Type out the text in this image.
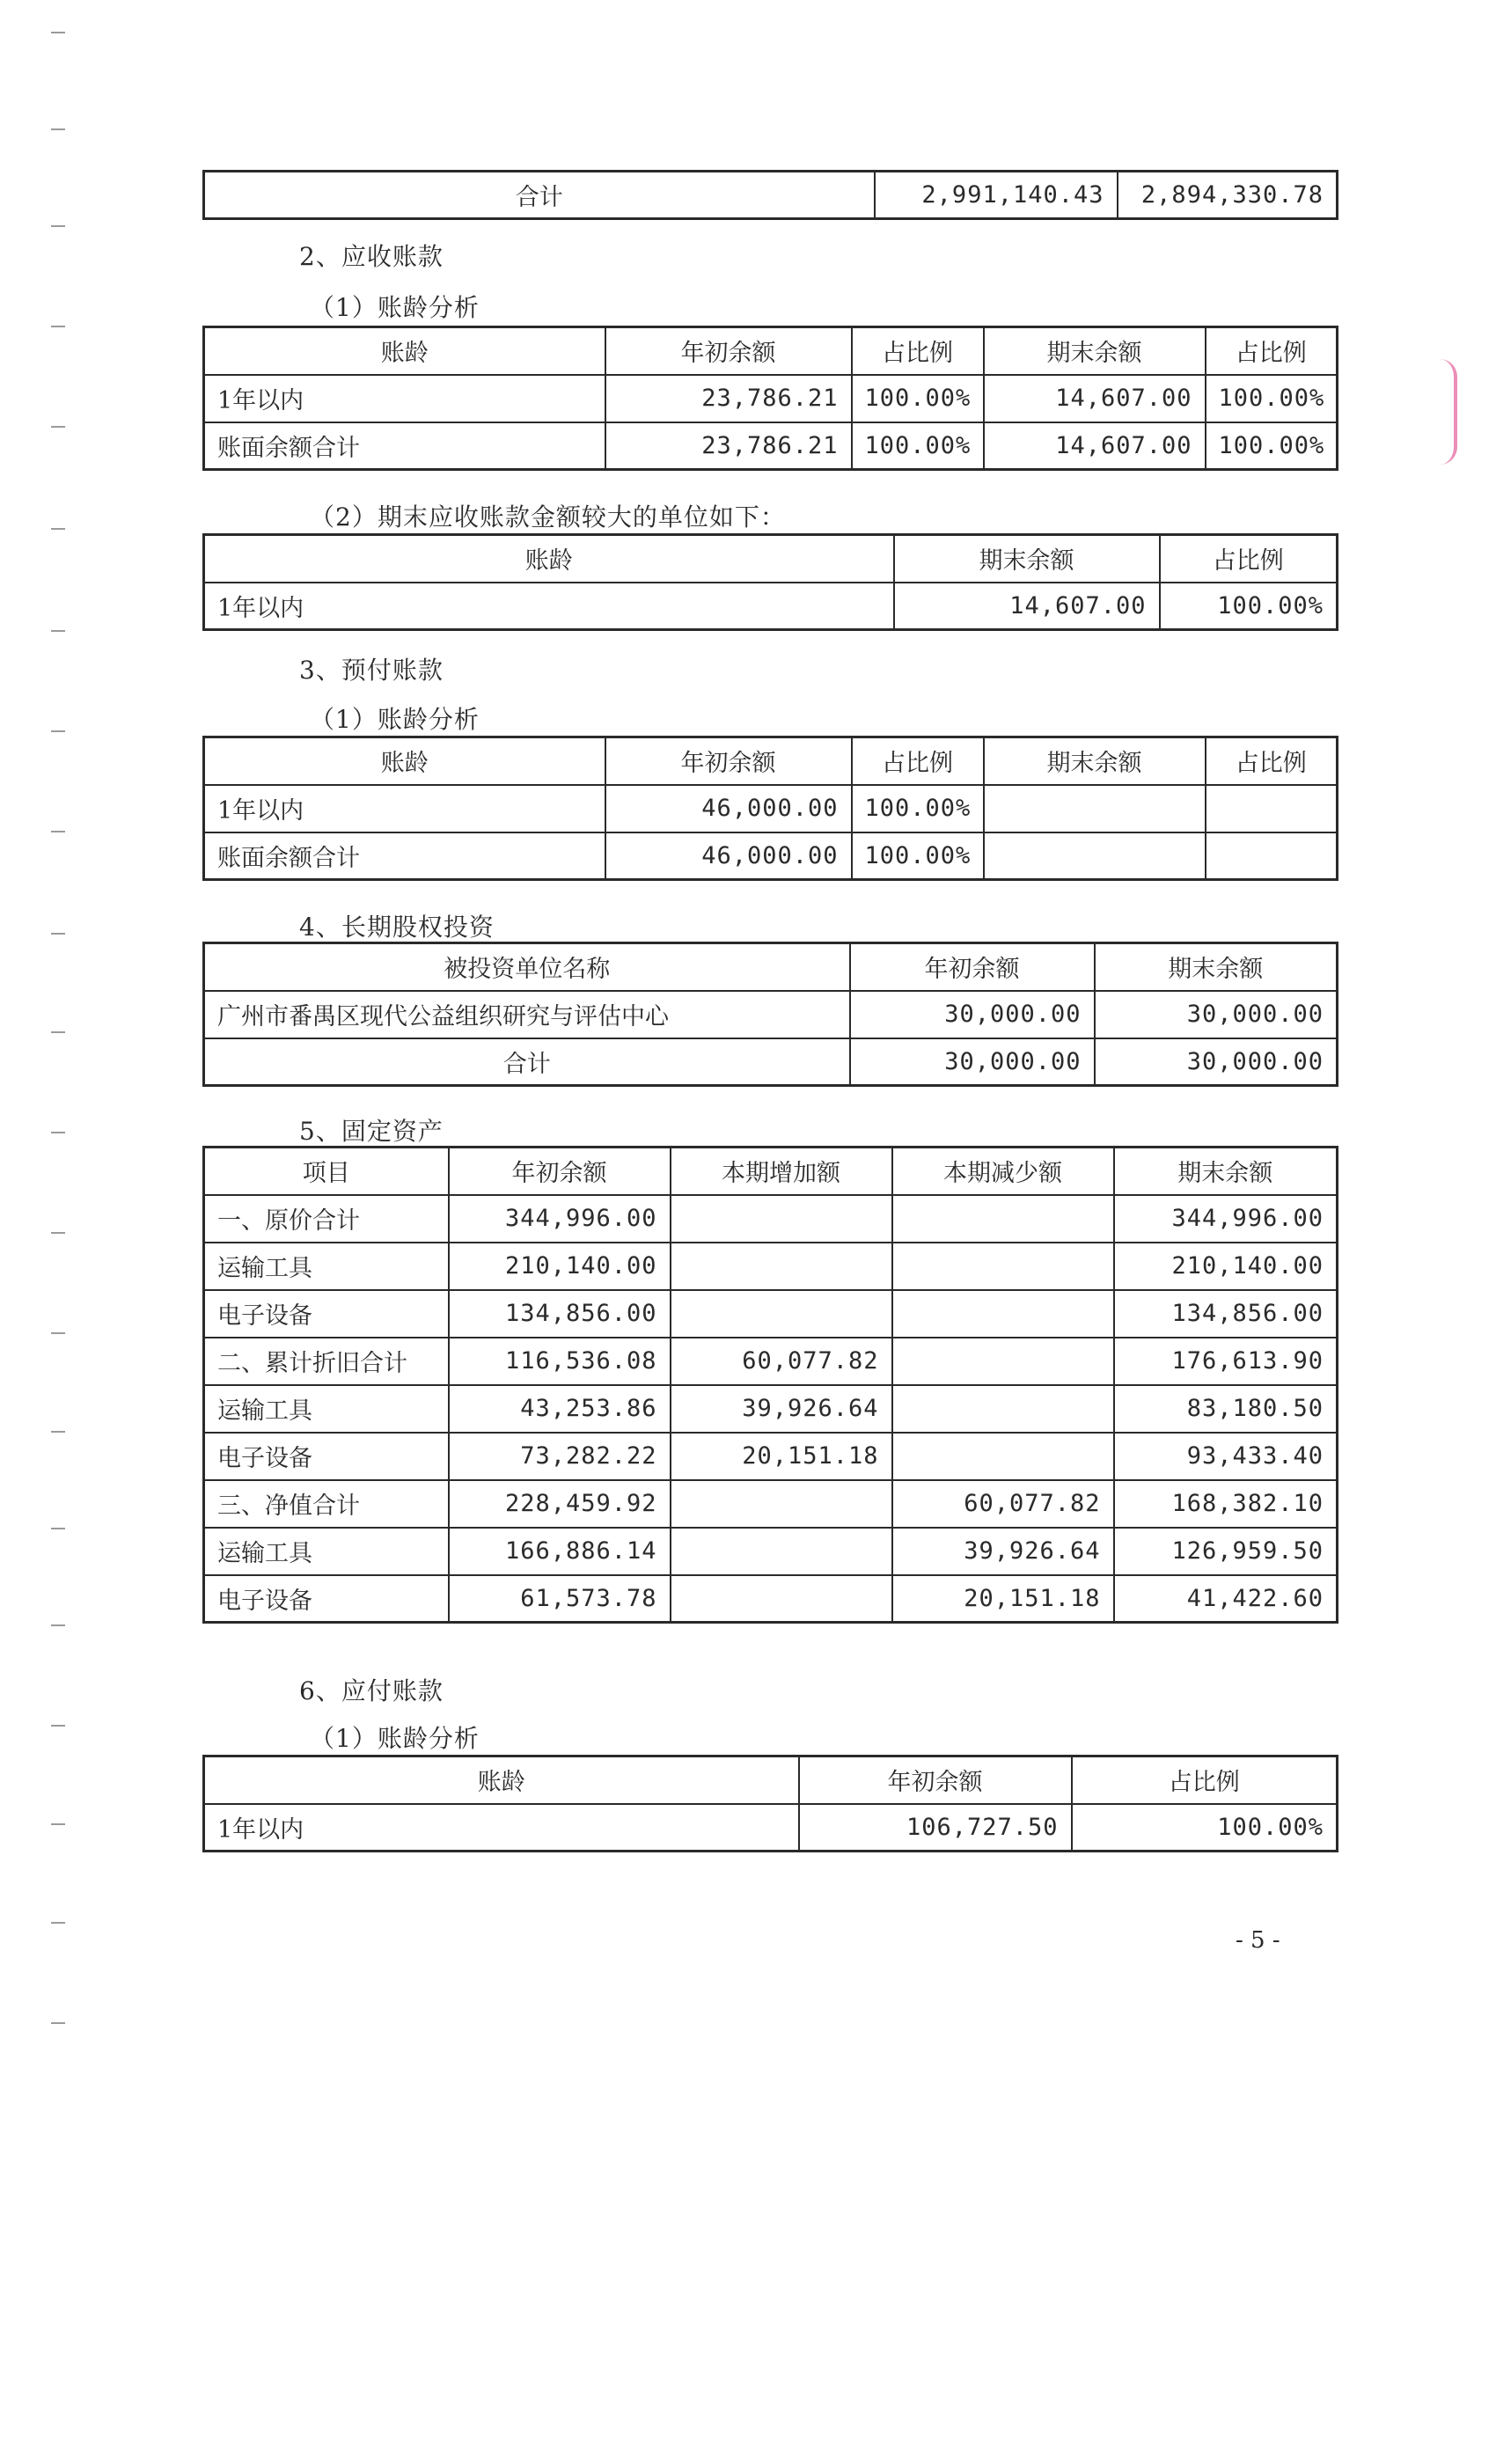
合计	2,991,140.43	2,894,330.78
2、应收账款
（1）账龄分析
账龄	年初余额	占比例	期末余额	占比例
1年以内	23,786.21	100.00%	14,607.00	100.00%
账面余额合计	23,786.21	100.00%	14,607.00	100.00%
（2）期末应收账款金额较大的单位如下：
账龄	期末余额	占比例
1年以内	14,607.00	100.00%
3、预付账款
（1）账龄分析
账龄	年初余额	占比例	期末余额	占比例
1年以内	46,000.00	100.00%		
账面余额合计	46,000.00	100.00%		
4、长期股权投资
被投资单位名称	年初余额	期末余额
广州市番禺区现代公益组织研究与评估中心	30,000.00	30,000.00
合计	30,000.00	30,000.00
5、固定资产
项目	年初余额	本期增加额	本期减少额	期末余额
一、原价合计	344,996.00			344,996.00
运输工具	210,140.00			210,140.00
电子设备	134,856.00			134,856.00
二、累计折旧合计	116,536.08	60,077.82		176,613.90
运输工具	43,253.86	39,926.64		83,180.50
电子设备	73,282.22	20,151.18		93,433.40
三、净值合计	228,459.92		60,077.82	168,382.10
运输工具	166,886.14		39,926.64	126,959.50
电子设备	61,573.78		20,151.18	41,422.60
6、应付账款
（1）账龄分析
账龄	年初余额	占比例
1年以内	106,727.50	100.00%
- 5 -
